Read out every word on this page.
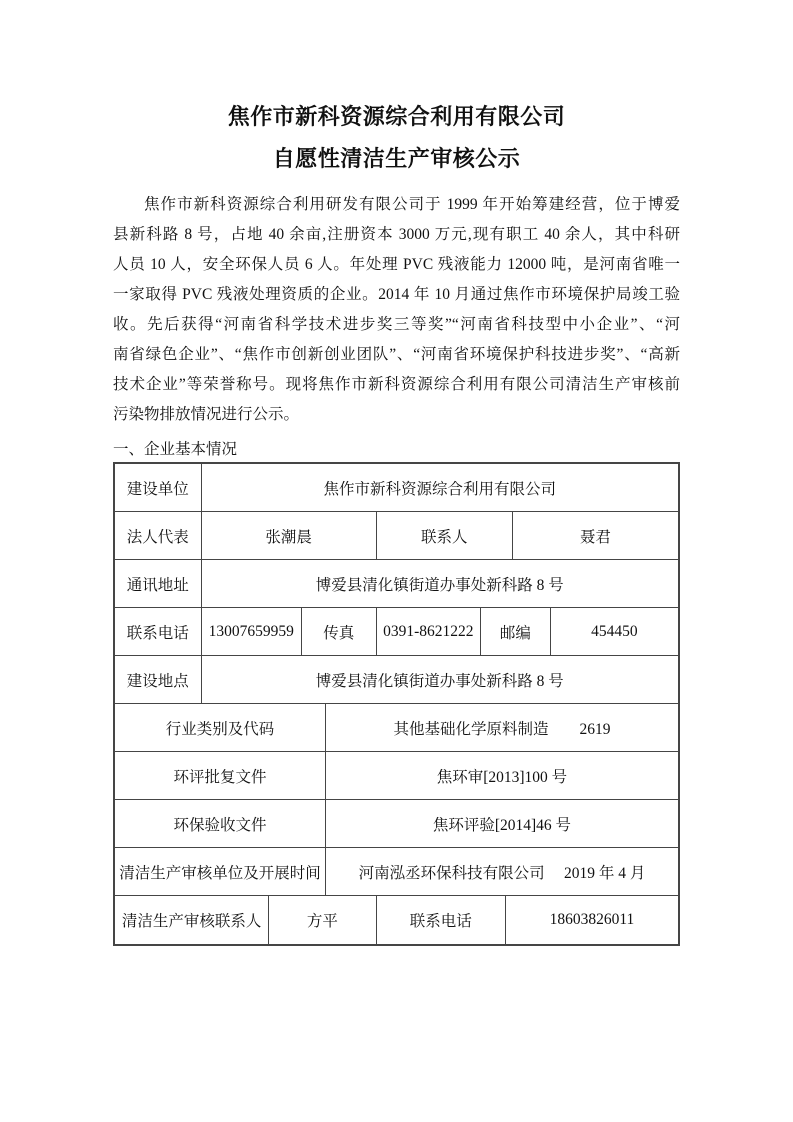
焦作市新科资源综合利用有限公司
自愿性清洁生产审核公示
焦作市新科资源综合利用研发有限公司于 1999 年开始筹建经营，位于博爱
县新科路 8 号，占地 40 余亩,注册资本 3000 万元,现有职工 40 余人，其中科研
人员 10 人，安全环保人员 6 人。年处理 PVC 残液能力 12000 吨，是河南省唯一
一家取得 PVC 残液处理资质的企业。2014 年 10 月通过焦作市环境保护局竣工验
收。先后获得“河南省科学技术进步奖三等奖”“河南省科技型中小企业”、“河
南省绿色企业”、“焦作市创新创业团队”、“河南省环境保护科技进步奖”、“高新
技术企业”等荣誉称号。现将焦作市新科资源综合利用有限公司清洁生产审核前
污染物排放情况进行公示。
一、企业基本情况
建设单位	焦作市新科资源综合利用有限公司
法人代表	张潮晨	联系人	聂君
通讯地址	博爱县清化镇街道办事处新科路 8 号
联系电话	13007659959	传真	0391-8621222	邮编	454450
建设地点	博爱县清化镇街道办事处新科路 8 号
行业类别及代码	其他基础化学原料制造　　2619
环评批复文件	焦环审[2013]100 号
环保验收文件	焦环评验[2014]46 号
清洁生产审核单位及开展时间	河南泓丞环保科技有限公司　 2019 年 4 月
清洁生产审核联系人	方平	联系电话	18603826011
